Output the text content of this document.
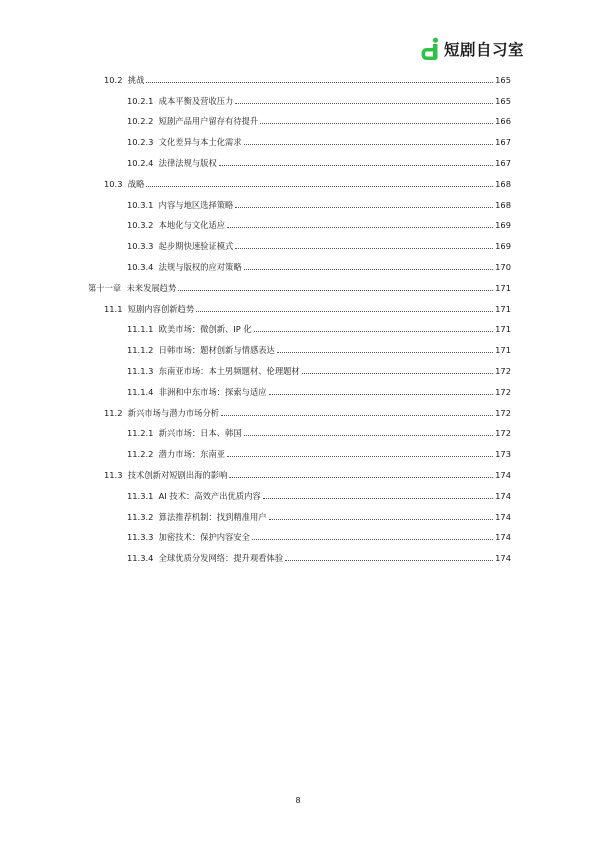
短剧自习室
10.2 挑战	165
10.2.1 成本平衡及营收压力	165
10.2.2 短剧产品用户留存有待提升	166
10.2.3 文化差异与本土化需求	167
10.2.4 法律法规与版权	167
10.3 战略	168
10.3.1 内容与地区选择策略	168
10.3.2 本地化与文化适应	169
10.3.3 起步期快速验证模式	169
10.3.4 法规与版权的应对策略	170
第十一章 未来发展趋势	171
11.1 短剧内容创新趋势	171
11.1.1 欧美市场：微创新、IP 化	171
11.1.2 日韩市场：题材创新与情感表达	171
11.1.3 东南亚市场：本土男频题材、伦理题材	172
11.1.4 非洲和中东市场：探索与适应	172
11.2 新兴市场与潜力市场分析	172
11.2.1 新兴市场：日本、韩国	172
11.2.2 潜力市场：东南亚	173
11.3 技术创新对短剧出海的影响	174
11.3.1 AI 技术：高效产出优质内容	174
11.3.2 算法推荐机制：找到精准用户	174
11.3.3 加密技术：保护内容安全	174
11.3.4 全球优质分发网络：提升观看体验	174
8
